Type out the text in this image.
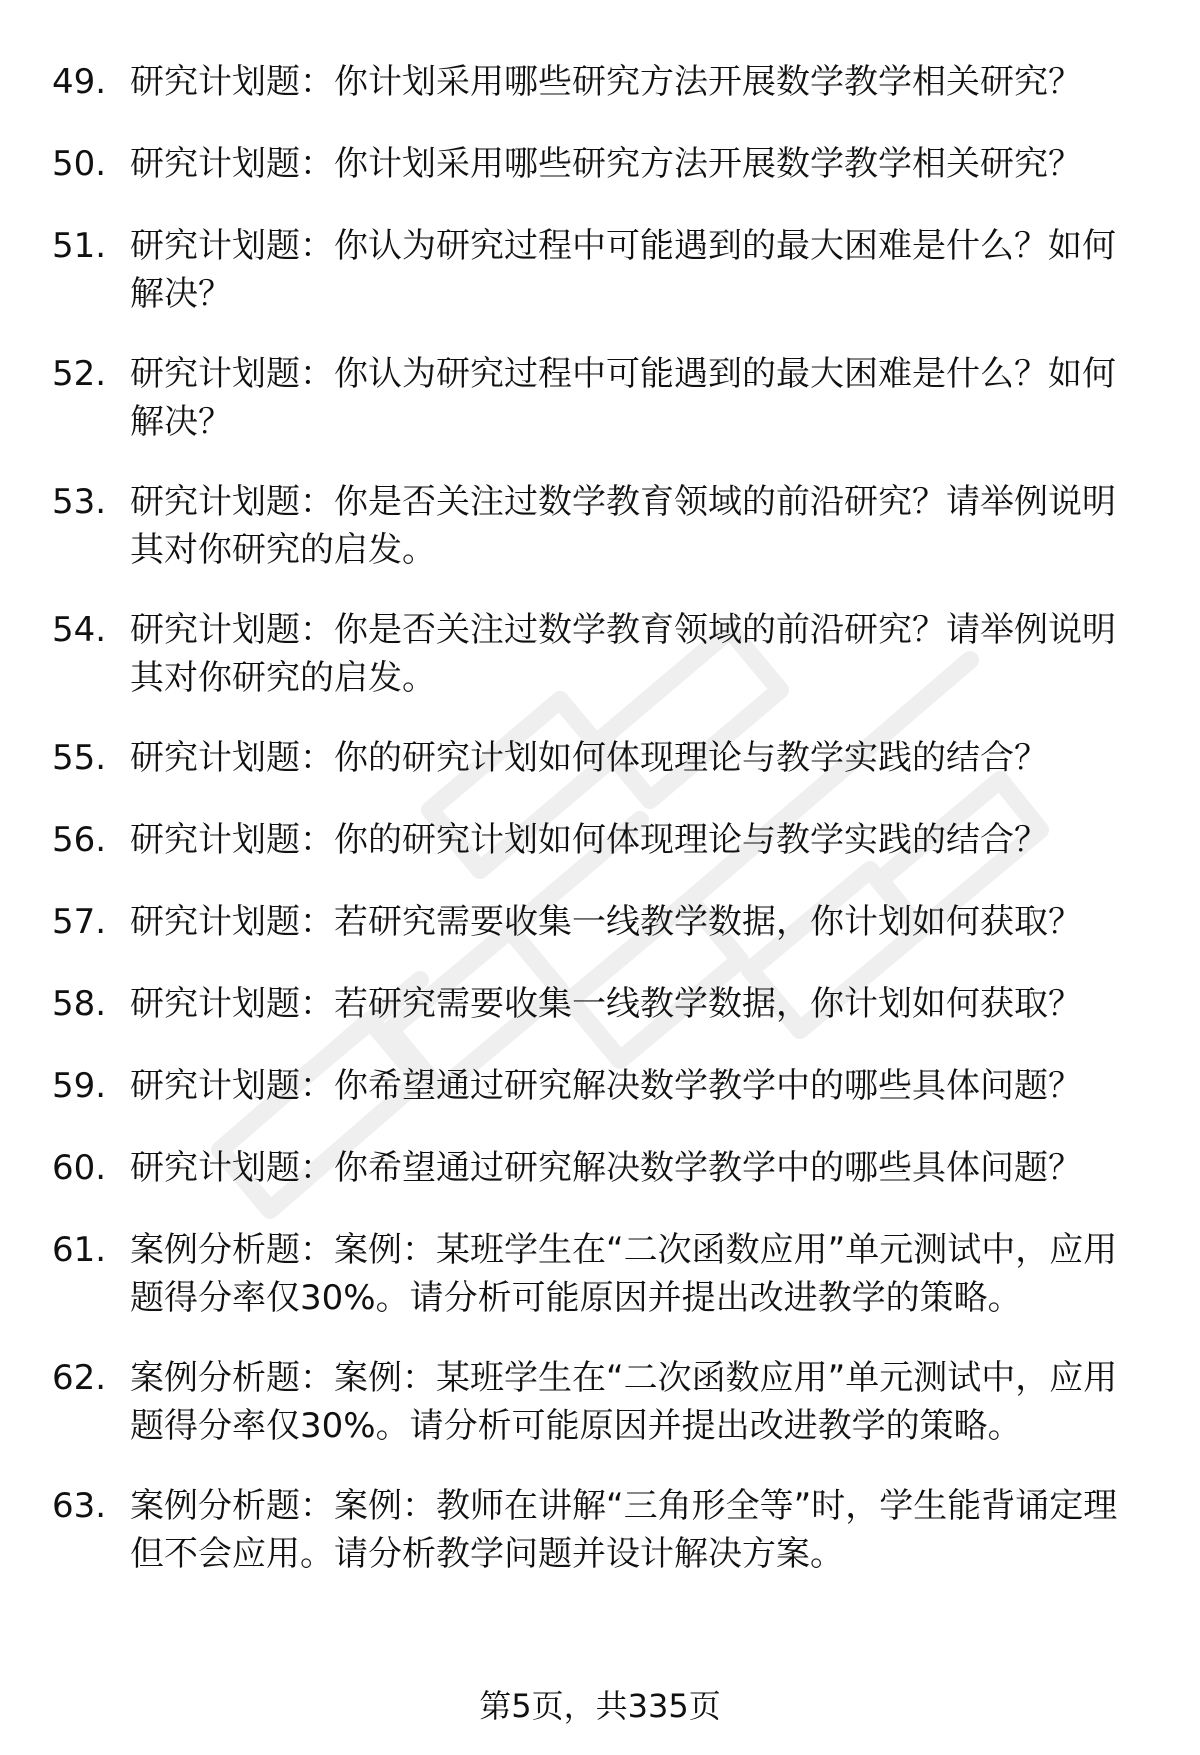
49. 研究计划题：你计划采用哪些研究方法开展数学教学相关研究？
50. 研究计划题：你计划采用哪些研究方法开展数学教学相关研究？
51. 研究计划题：你认为研究过程中可能遇到的最大困难是什么？如何解决？
52. 研究计划题：你认为研究过程中可能遇到的最大困难是什么？如何解决？
53. 研究计划题：你是否关注过数学教育领域的前沿研究？请举例说明其对你研究的启发。
54. 研究计划题：你是否关注过数学教育领域的前沿研究？请举例说明其对你研究的启发。
55. 研究计划题：你的研究计划如何体现理论与教学实践的结合？
56. 研究计划题：你的研究计划如何体现理论与教学实践的结合？
57. 研究计划题：若研究需要收集一线教学数据，你计划如何获取？
58. 研究计划题：若研究需要收集一线教学数据，你计划如何获取？
59. 研究计划题：你希望通过研究解决数学教学中的哪些具体问题？
60. 研究计划题：你希望通过研究解决数学教学中的哪些具体问题？
61. 案例分析题：案例：某班学生在“二次函数应用”单元测试中，应用题得分率仅30%。请分析可能原因并提出改进教学的策略。
62. 案例分析题：案例：某班学生在“二次函数应用”单元测试中，应用题得分率仅30%。请分析可能原因并提出改进教学的策略。
63. 案例分析题：案例：教师在讲解“三角形全等”时，学生能背诵定理但不会应用。请分析教学问题并设计解决方案。
第5页，共335页
